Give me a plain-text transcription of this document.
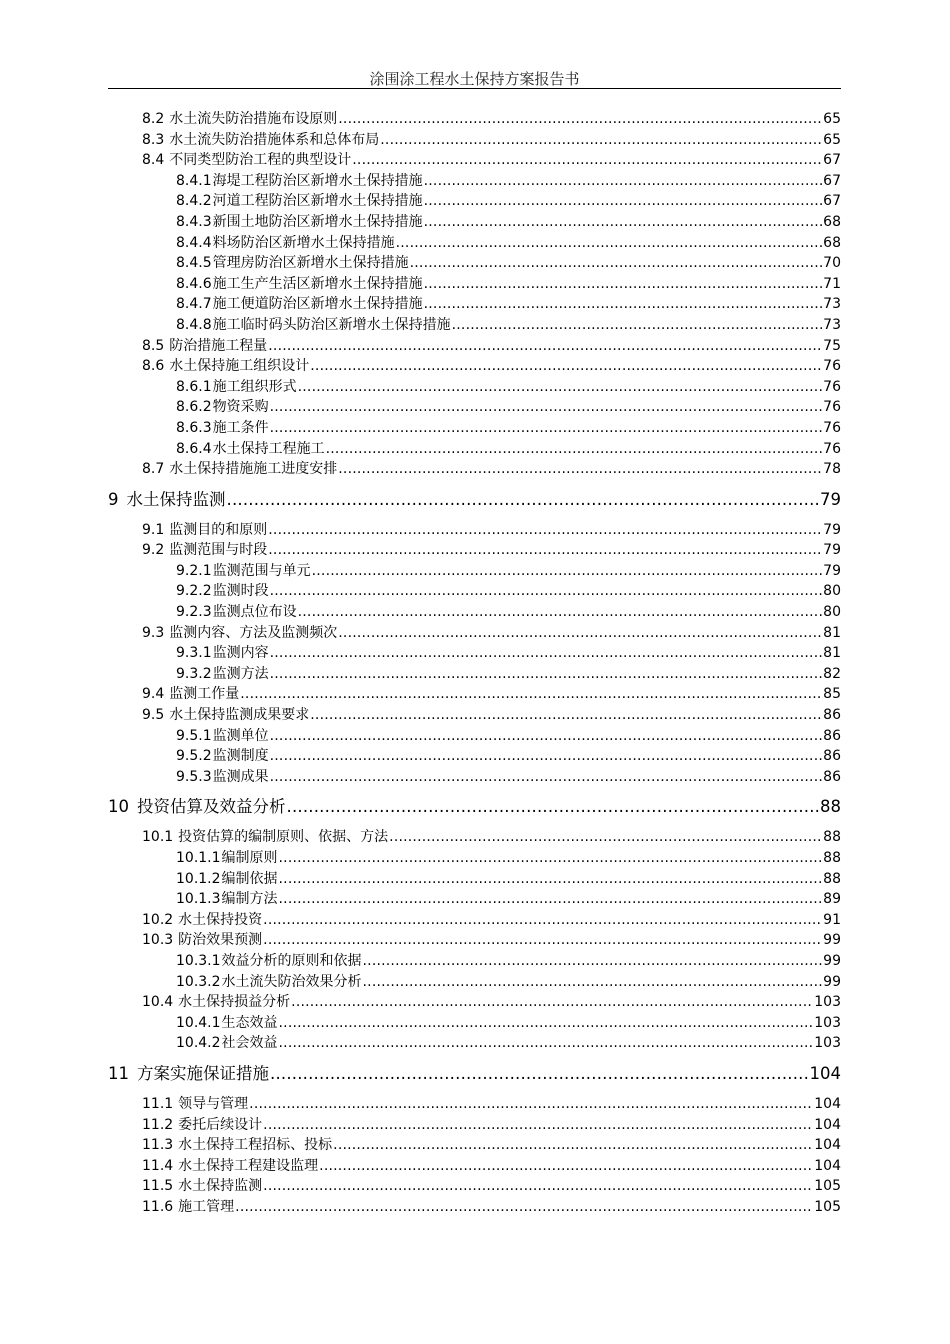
涂围涂工程水土保持方案报告书
8.2 水土流失防治措施布设原则 .....	65
8.3 水土流失防治措施体系和总体布局 .....	65
8.4 不同类型防治工程的典型设计 .....	67
8.4.1海堤工程防治区新增水土保持措施 .....	67
8.4.2河道工程防治区新增水土保持措施 .....	67
8.4.3新围土地防治区新增水土保持措施 .....	68
8.4.4料场防治区新增水土保持措施 .....	68
8.4.5管理房防治区新增水土保持措施 .....	70
8.4.6施工生产生活区新增水土保持措施 .....	71
8.4.7施工便道防治区新增水土保持措施 .....	73
8.4.8施工临时码头防治区新增水土保持措施 .....	73
8.5 防治措施工程量 .....	75
8.6 水土保持施工组织设计 .....	76
8.6.1施工组织形式 .....	76
8.6.2物资采购 .....	76
8.6.3施工条件 .....	76
8.6.4水土保持工程施工 .....	76
8.7 水土保持措施施工进度安排 .....	78
9 水土保持监测 .....	79
9.1 监测目的和原则 .....	79
9.2 监测范围与时段 .....	79
9.2.1监测范围与单元 .....	79
9.2.2监测时段 .....	80
9.2.3监测点位布设 .....	80
9.3 监测内容、方法及监测频次 .....	81
9.3.1监测内容 .....	81
9.3.2监测方法 .....	82
9.4 监测工作量 .....	85
9.5 水土保持监测成果要求 .....	86
9.5.1监测单位 .....	86
9.5.2监测制度 .....	86
9.5.3监测成果 .....	86
10 投资估算及效益分析 .....	88
10.1 投资估算的编制原则、依据、方法 .....	88
10.1.1编制原则 .....	88
10.1.2编制依据 .....	88
10.1.3编制方法 .....	89
10.2 水土保持投资 .....	91
10.3 防治效果预测 .....	99
10.3.1效益分析的原则和依据 .....	99
10.3.2水土流失防治效果分析 .....	99
10.4 水土保持损益分析 .....	103
10.4.1生态效益 .....	103
10.4.2社会效益 .....	103
11 方案实施保证措施 .....	104
11.1 领导与管理 .....	104
11.2 委托后续设计 .....	104
11.3 水土保持工程招标、投标 .....	104
11.4 水土保持工程建设监理 .....	104
11.5 水土保持监测 .....	105
11.6 施工管理 .....	105
